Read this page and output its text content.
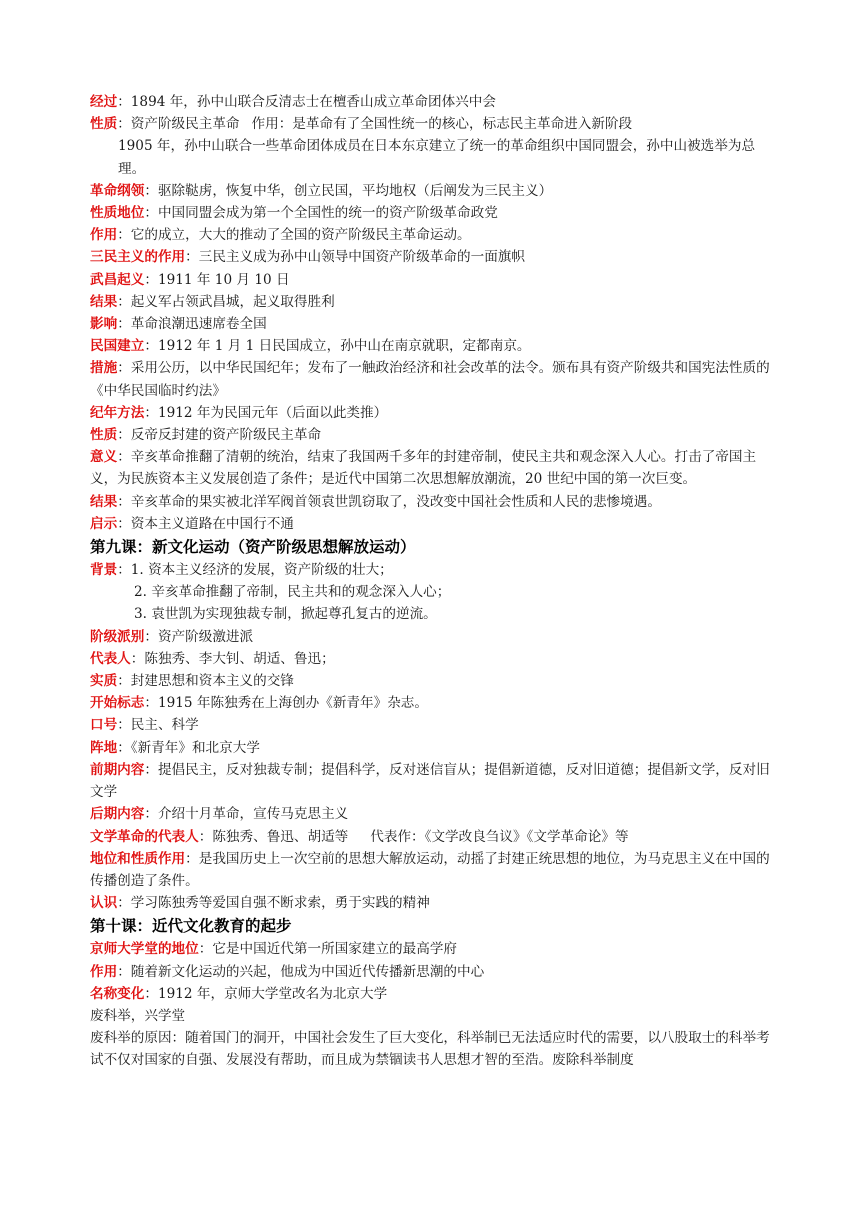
经过：1894 年，孙中山联合反清志士在檀香山成立革命团体兴中会

性质：资产阶级民主革命 作用：是革命有了全国性统一的核心，标志民主革命进入新阶段

1905 年，孙中山联合一些革命团体成员在日本东京建立了统一的革命组织中国同盟会，孙中山被选举为总理。

革命纲领：驱除鞑虏，恢复中华，创立民国，平均地权（后阐发为三民主义）

性质地位：中国同盟会成为第一个全国性的统一的资产阶级革命政党

作用：它的成立，大大的推动了全国的资产阶级民主革命运动。

三民主义的作用：三民主义成为孙中山领导中国资产阶级革命的一面旗帜

武昌起义：1911 年 10 月 10 日

结果：起义军占领武昌城，起义取得胜利

影响：革命浪潮迅速席卷全国

民国建立：1912 年 1 月 1 日民国成立，孙中山在南京就职，定都南京。

措施：采用公历，以中华民国纪年；发布了一触政治经济和社会改革的法令。颁布具有资产阶级共和国宪法性质的《中华民国临时约法》

纪年方法：1912 年为民国元年（后面以此类推）

性质：反帝反封建的资产阶级民主革命

意义：辛亥革命推翻了清朝的统治，结束了我国两千多年的封建帝制，使民主共和观念深入人心。打击了帝国主义，为民族资本主义发展创造了条件；是近代中国第二次思想解放潮流，20 世纪中国的第一次巨变。

结果：辛亥革命的果实被北洋军阀首领袁世凯窃取了，没改变中国社会性质和人民的悲惨境遇。

启示：资本主义道路在中国行不通

第九课：新文化运动（资产阶级思想解放运动）

背景：1. 资本主义经济的发展，资产阶级的壮大；

2. 辛亥革命推翻了帝制，民主共和的观念深入人心；

3. 袁世凯为实现独裁专制，掀起尊孔复古的逆流。

阶级派别：资产阶级激进派

代表人：陈独秀、李大钊、胡适、鲁迅；

实质：封建思想和资本主义的交锋

开始标志：1915 年陈独秀在上海创办《新青年》杂志。

口号：民主、科学

阵地：《新青年》和北京大学

前期内容：提倡民主，反对独裁专制；提倡科学，反对迷信盲从；提倡新道德，反对旧道德；提倡新文学，反对旧文学

后期内容：介绍十月革命，宣传马克思主义

文学革命的代表人：陈独秀、鲁迅、胡适等 代表作：《文学改良刍议》《文学革命论》等

地位和性质作用：是我国历史上一次空前的思想大解放运动，动摇了封建正统思想的地位，为马克思主义在中国的传播创造了条件。

认识：学习陈独秀等爱国自强不断求索，勇于实践的精神

第十课：近代文化教育的起步

京师大学堂的地位：它是中国近代第一所国家建立的最高学府

作用：随着新文化运动的兴起，他成为中国近代传播新思潮的中心

名称变化：1912 年，京师大学堂改名为北京大学

废科举，兴学堂

废科举的原因：随着国门的洞开，中国社会发生了巨大变化，科举制已无法适应时代的需要，以八股取士的科举考试不仅对国家的自强、发展没有帮助，而且成为禁锢读书人思想才智的至浩。废除科举制度
